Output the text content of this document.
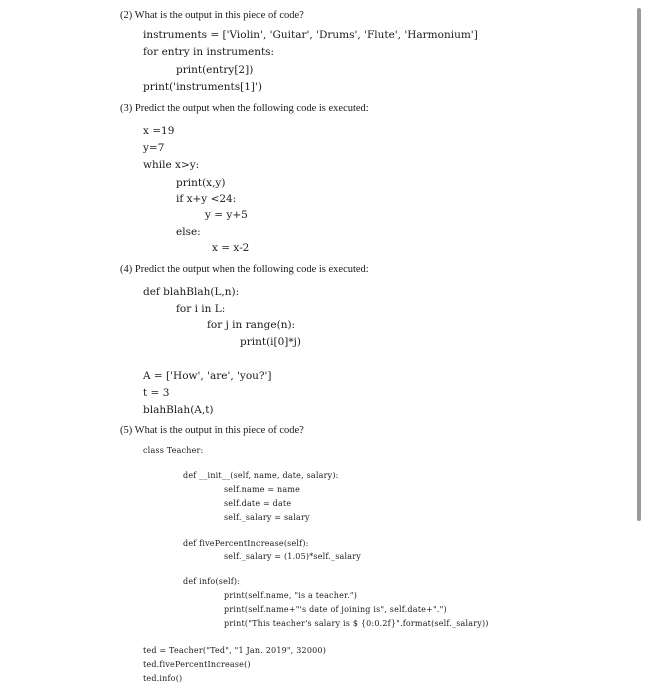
(2) What is the output in this piece of code?
instruments = ['Violin', 'Guitar', 'Drums', 'Flute', 'Harmonium']
for entry in instruments:
print(entry[2])
print('instruments[1]')
(3) Predict the output when the following code is executed:
x =19
y=7
while x>y:
print(x,y)
if x+y <24:
y = y+5
else:
x = x-2
(4) Predict the output when the following code is executed:
def blahBlah(L,n):
for i in L:
for j in range(n):
print(i[0]*j)
A = ['How', 'are', 'you?']
t = 3
blahBlah(A,t)
(5) What is the output in this piece of code?
class Teacher:
def __init__(self, name, date, salary):
self.name = name
self.date = date
self._salary = salary
def fivePercentIncrease(self):
self._salary = (1.05)*self._salary
def info(self):
print(self.name, "is a teacher.")
print(self.name+"'s date of joining is", self.date+".")
print("This teacher's salary is $ {0:0.2f}".format(self._salary))
ted = Teacher("Ted", "1 Jan. 2019", 32000)
ted.fivePercentIncrease()
ted.info()
